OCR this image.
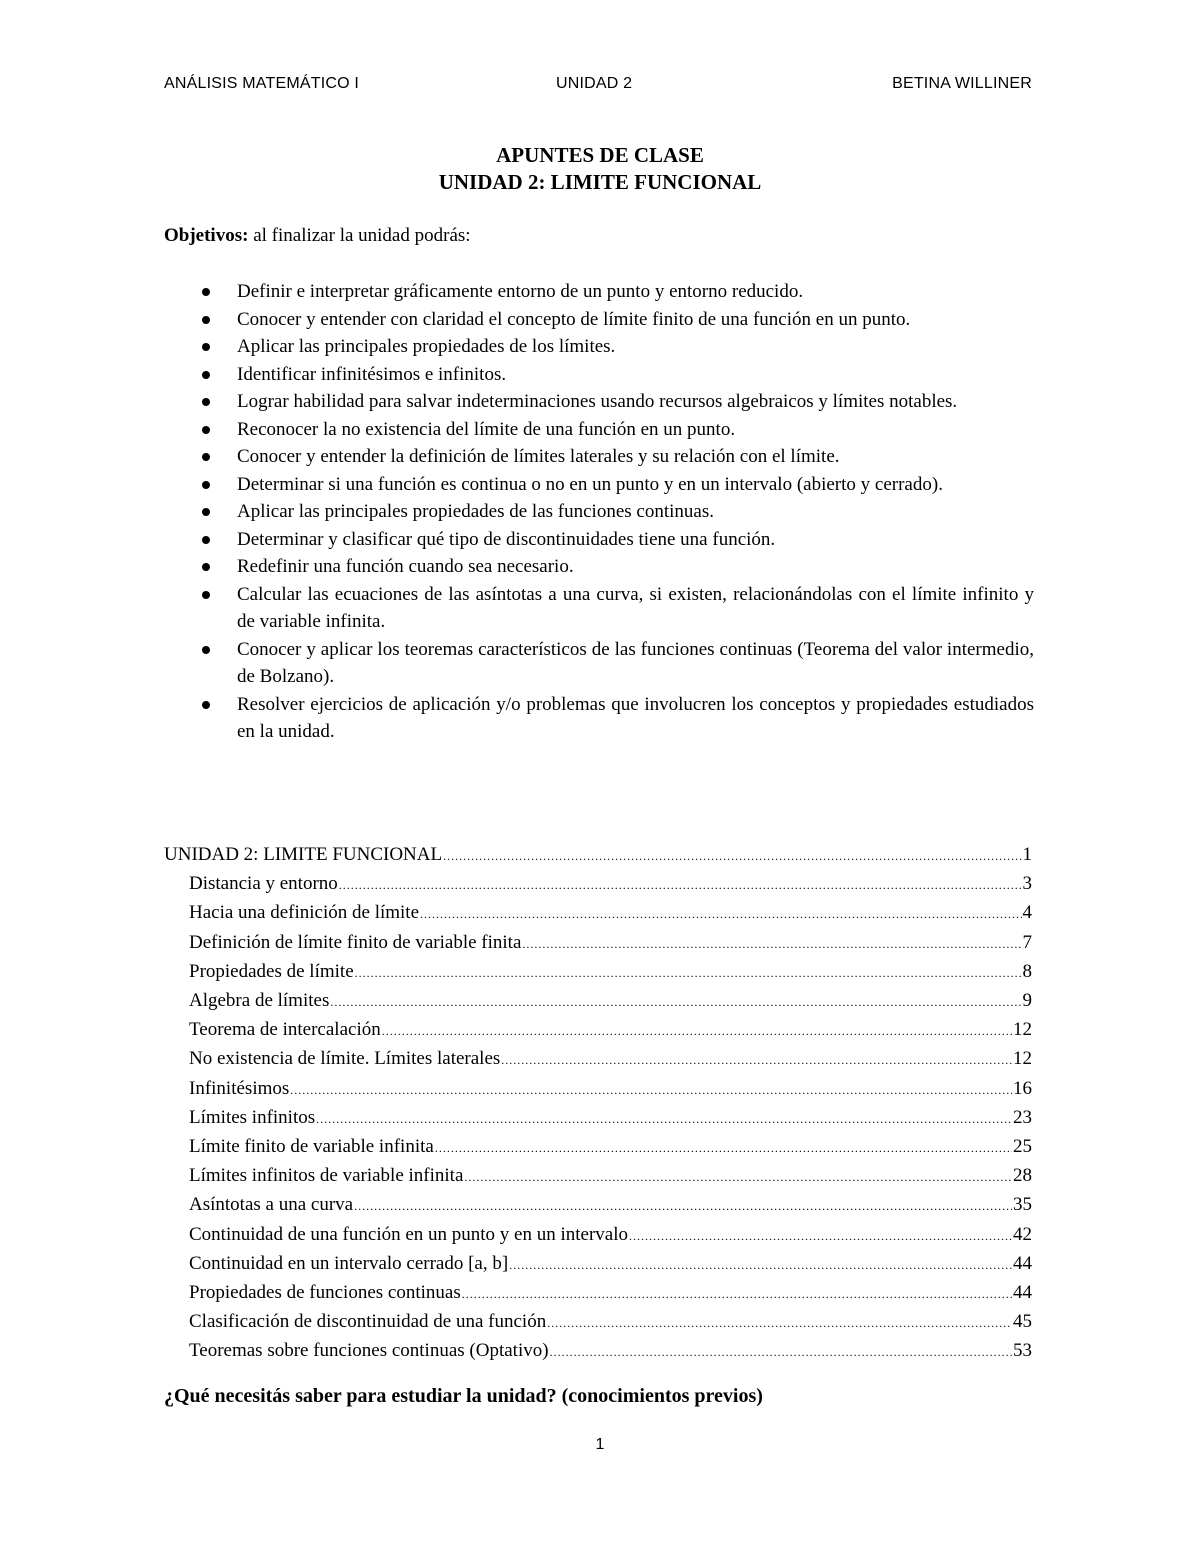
ANÁLISIS MATEMÁTICO I	UNIDAD 2	BETINA WILLINER
APUNTES DE CLASE
UNIDAD 2: LIMITE FUNCIONAL
Objetivos: al finalizar la unidad podrás:
Definir e interpretar gráficamente entorno de un punto y entorno reducido.
Conocer y entender con claridad el concepto de límite finito de una función en un punto.
Aplicar las principales propiedades de los límites.
Identificar infinitésimos e infinitos.
Lograr habilidad para salvar indeterminaciones usando recursos algebraicos y límites notables.
Reconocer la no existencia del límite de una función en un punto.
Conocer y entender la definición de límites laterales y su relación con el límite.
Determinar si una función es continua o no en un punto y en un intervalo (abierto y cerrado).
Aplicar las principales propiedades de las funciones continuas.
Determinar y clasificar qué tipo de discontinuidades tiene una función.
Redefinir una función cuando sea necesario.
Calcular las ecuaciones de las asíntotas a una curva, si existen, relacionándolas con el límite infinito y de variable infinita.
Conocer y aplicar los teoremas característicos de las funciones continuas (Teorema del valor intermedio, de Bolzano).
Resolver ejercicios de aplicación y/o problemas que involucren los conceptos y propiedades estudiados en la unidad.
UNIDAD 2: LIMITE FUNCIONAL .....	1
Distancia y entorno .....	3
Hacia una definición de límite .....	4
Definición de límite finito de variable finita .....	7
Propiedades de límite .....	8
Algebra de límites .....	9
Teorema de intercalación .....	12
No existencia de límite. Límites laterales .....	12
Infinitésimos .....	16
Límites infinitos .....	23
Límite finito de variable infinita .....	25
Límites infinitos de variable infinita .....	28
Asíntotas a una curva .....	35
Continuidad de una función en un punto y en un intervalo .....	42
Continuidad en un intervalo cerrado [a, b] .....	44
Propiedades de funciones continuas .....	44
Clasificación de discontinuidad de una función .....	45
Teoremas sobre funciones continuas (Optativo) .....	53
¿Qué necesitás saber para estudiar la unidad? (conocimientos previos)
1
